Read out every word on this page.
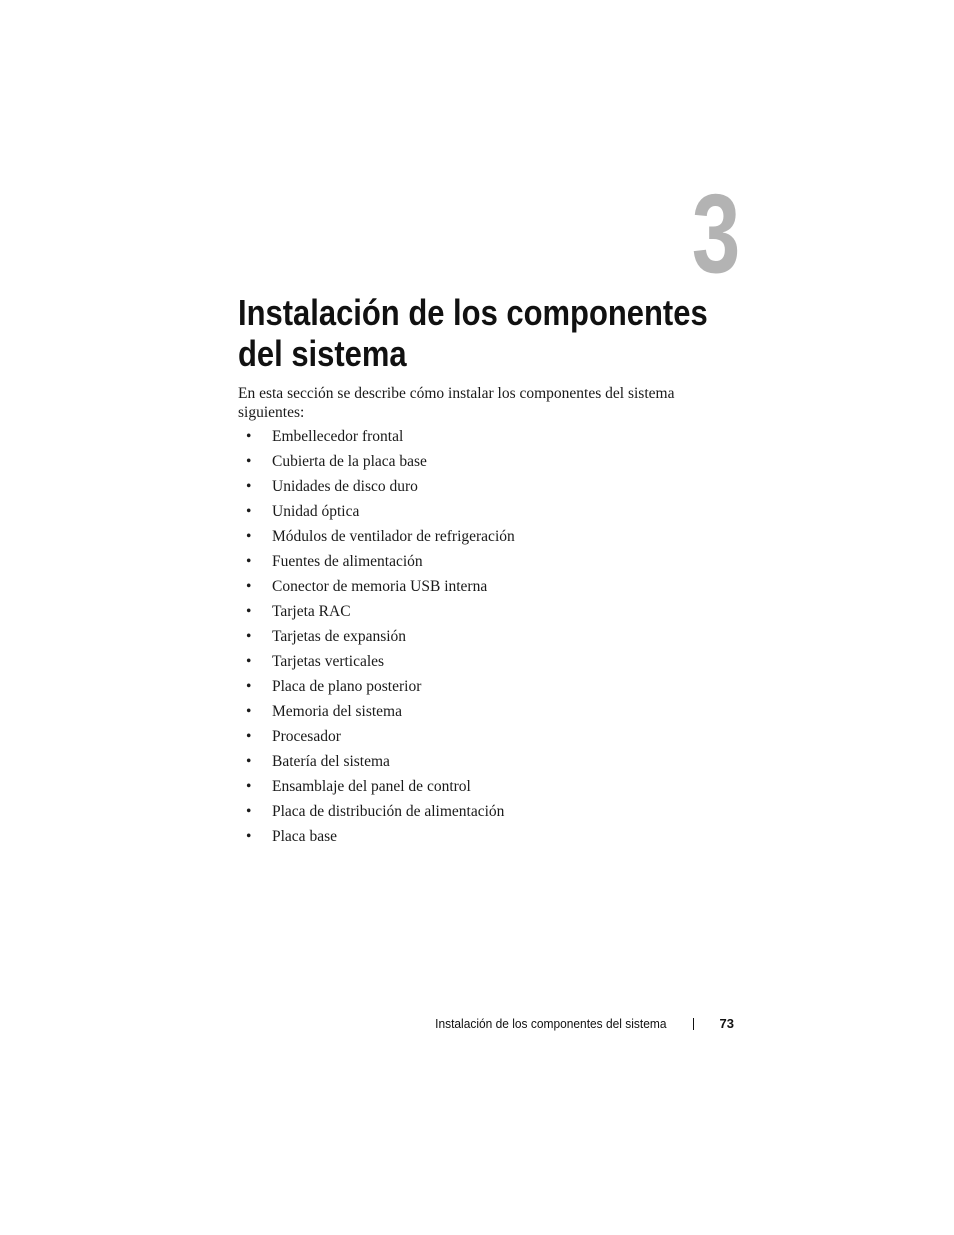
3
Instalación de los componentes
del sistema

En esta sección se describe cómo instalar los componentes del sistema siguientes:

• Embellecedor frontal
• Cubierta de la placa base
• Unidades de disco duro
• Unidad óptica
• Módulos de ventilador de refrigeración
• Fuentes de alimentación
• Conector de memoria USB interna
• Tarjeta RAC
• Tarjetas de expansión
• Tarjetas verticales
• Placa de plano posterior
• Memoria del sistema
• Procesador
• Batería del sistema
• Ensamblaje del panel de control
• Placa de distribución de alimentación
• Placa base
Instalación de los componentes del sistema	73
